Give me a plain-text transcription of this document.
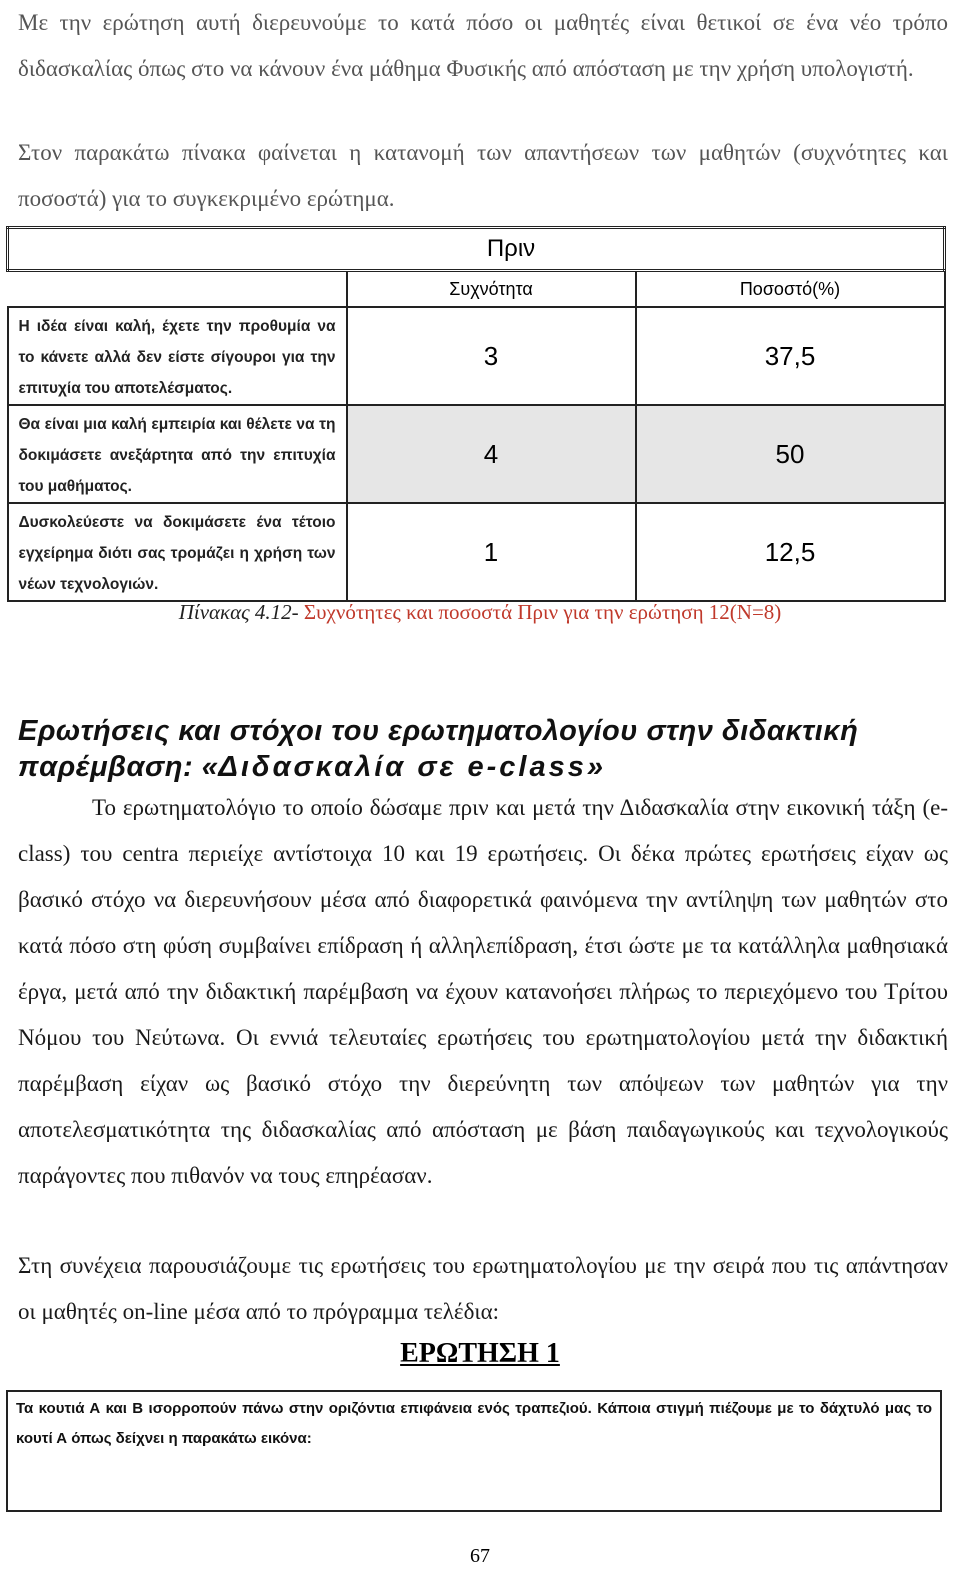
Με την ερώτηση αυτή διερευνούμε το κατά πόσο οι μαθητές είναι θετικοί σε ένα νέο τρόπο διδασκαλίας όπως στο να κάνουν ένα μάθημα Φυσικής από απόσταση με την χρήση υπολογιστή.

Στον παρακάτω πίνακα φαίνεται η κατανομή των απαντήσεων των μαθητών (συχνότητες και ποσοστά) για το συγκεκριμένο ερώτημα.

Πριν		
	Συχνότητα	Ποσοστό(%)
Η ιδέα είναι καλή, έχετε την προθυμία να το κάνετε αλλά δεν είστε σίγουροι για την επιτυχία του αποτελέσματος.	3	37,5
Θα είναι μια καλή εμπειρία και θέλετε να τη δοκιμάσετε ανεξάρτητα από την επιτυχία του μαθήματος.	4	50
Δυσκολεύεστε να δοκιμάσετε ένα τέτοιο εγχείρημα διότι σας τρομάζει η χρήση των νέων τεχνολογιών.	1	12,5
Πίνακας 4.12- Συχνότητες και ποσοστά Πριν για την ερώτηση 12(Ν=8)
Ερωτήσεις και στόχοι του ερωτηματολογίου στην διδακτική παρέμβαση: «Διδασκαλία σε e-class»

Το ερωτηματολόγιο το οποίο δώσαμε πριν και μετά την Διδασκαλία στην εικονική τάξη (e-class) του centra περιείχε αντίστοιχα 10 και 19 ερωτήσεις. Οι δέκα πρώτες ερωτήσεις είχαν ως βασικό στόχο να διερευνήσουν μέσα από διαφορετικά φαινόμενα την αντίληψη των μαθητών στο κατά πόσο στη φύση συμβαίνει επίδραση ή αλληλεπίδραση, έτσι ώστε με τα κατάλληλα μαθησιακά έργα, μετά από την διδακτική παρέμβαση να έχουν κατανοήσει πλήρως το περιεχόμενο του Τρίτου Νόμου του Νεύτωνα. Οι εννιά τελευταίες ερωτήσεις του ερωτηματολογίου μετά την διδακτική παρέμβαση είχαν ως βασικό στόχο την διερεύνητη των απόψεων των μαθητών για την αποτελεσματικότητα της διδασκαλίας από απόσταση με βάση παιδαγωγικούς και τεχνολογικούς παράγοντες που πιθανόν να τους επηρέασαν.

Στη συνέχεια παρουσιάζουμε τις ερωτήσεις του ερωτηματολογίου με την σειρά που τις απάντησαν οι μαθητές on-line μέσα από το πρόγραμμα τελέδια:

ΕΡΩΤΗΣΗ 1
Τα κουτιά Α και Β ισορροπούν πάνω στην οριζόντια επιφάνεια ενός τραπεζιού. Κάποια στιγμή πιέζουμε με το δάχτυλό μας το κουτί Α όπως δείχνει η παρακάτω εικόνα:
67
